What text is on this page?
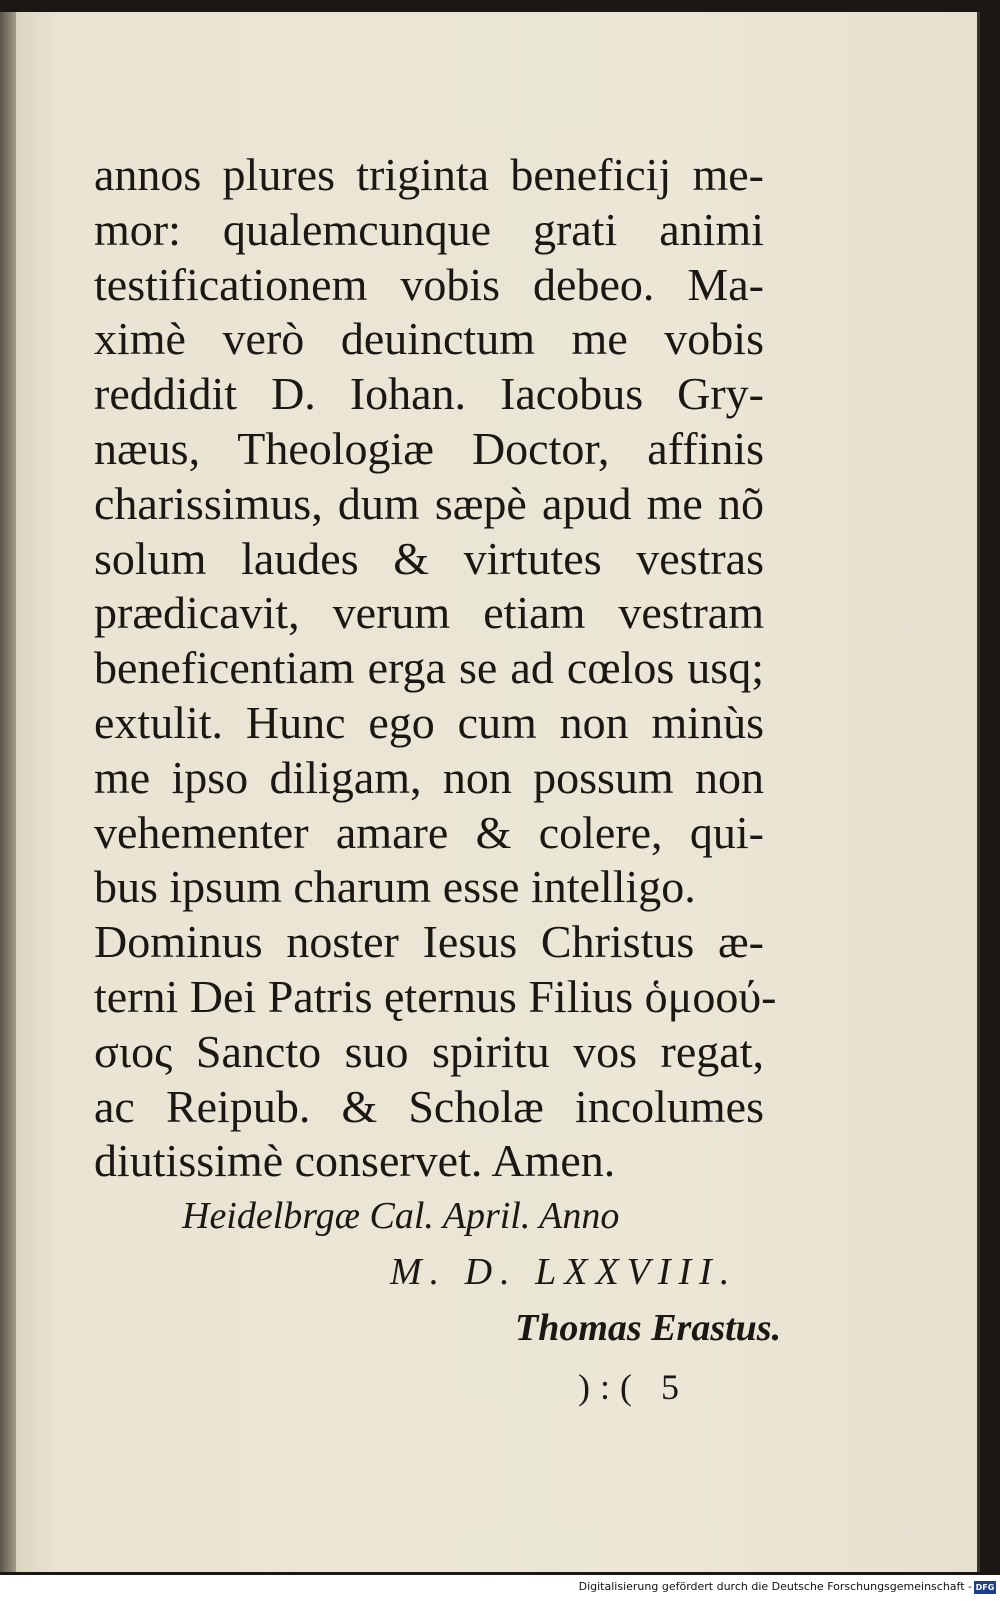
annos plures triginta beneficij me-
mor: qualemcunque grati animi
testificationem vobis debeo. Ma-
ximè verò deuinctum me vobis
reddidit D. Iohan. Iacobus Gry-
næus, Theologiæ Doctor, affinis
charissimus, dum sæpè apud me nõ
solum laudes & virtutes vestras
prædicavit, verum etiam vestram
beneficentiam erga se ad cœlos usq;
extulit. Hunc ego cum non minùs
me ipso diligam, non possum non
vehementer amare & colere, qui-
bus ipsum charum esse intelligo.
Dominus noster Iesus Christus æ-
terni Dei Patris ęternus Filius ὁμοού-
σιος Sancto suo spiritu vos regat,
ac Reipub. & Scholæ incolumes
diutissimè conservet. Amen.
Heidelbrgæ Cal. April. Anno
M. D. LXXVIII.
Thomas Erastus.
):( 5
Digitalisierung gefördert durch die Deutsche Forschungsgemeinschaft - DFG
